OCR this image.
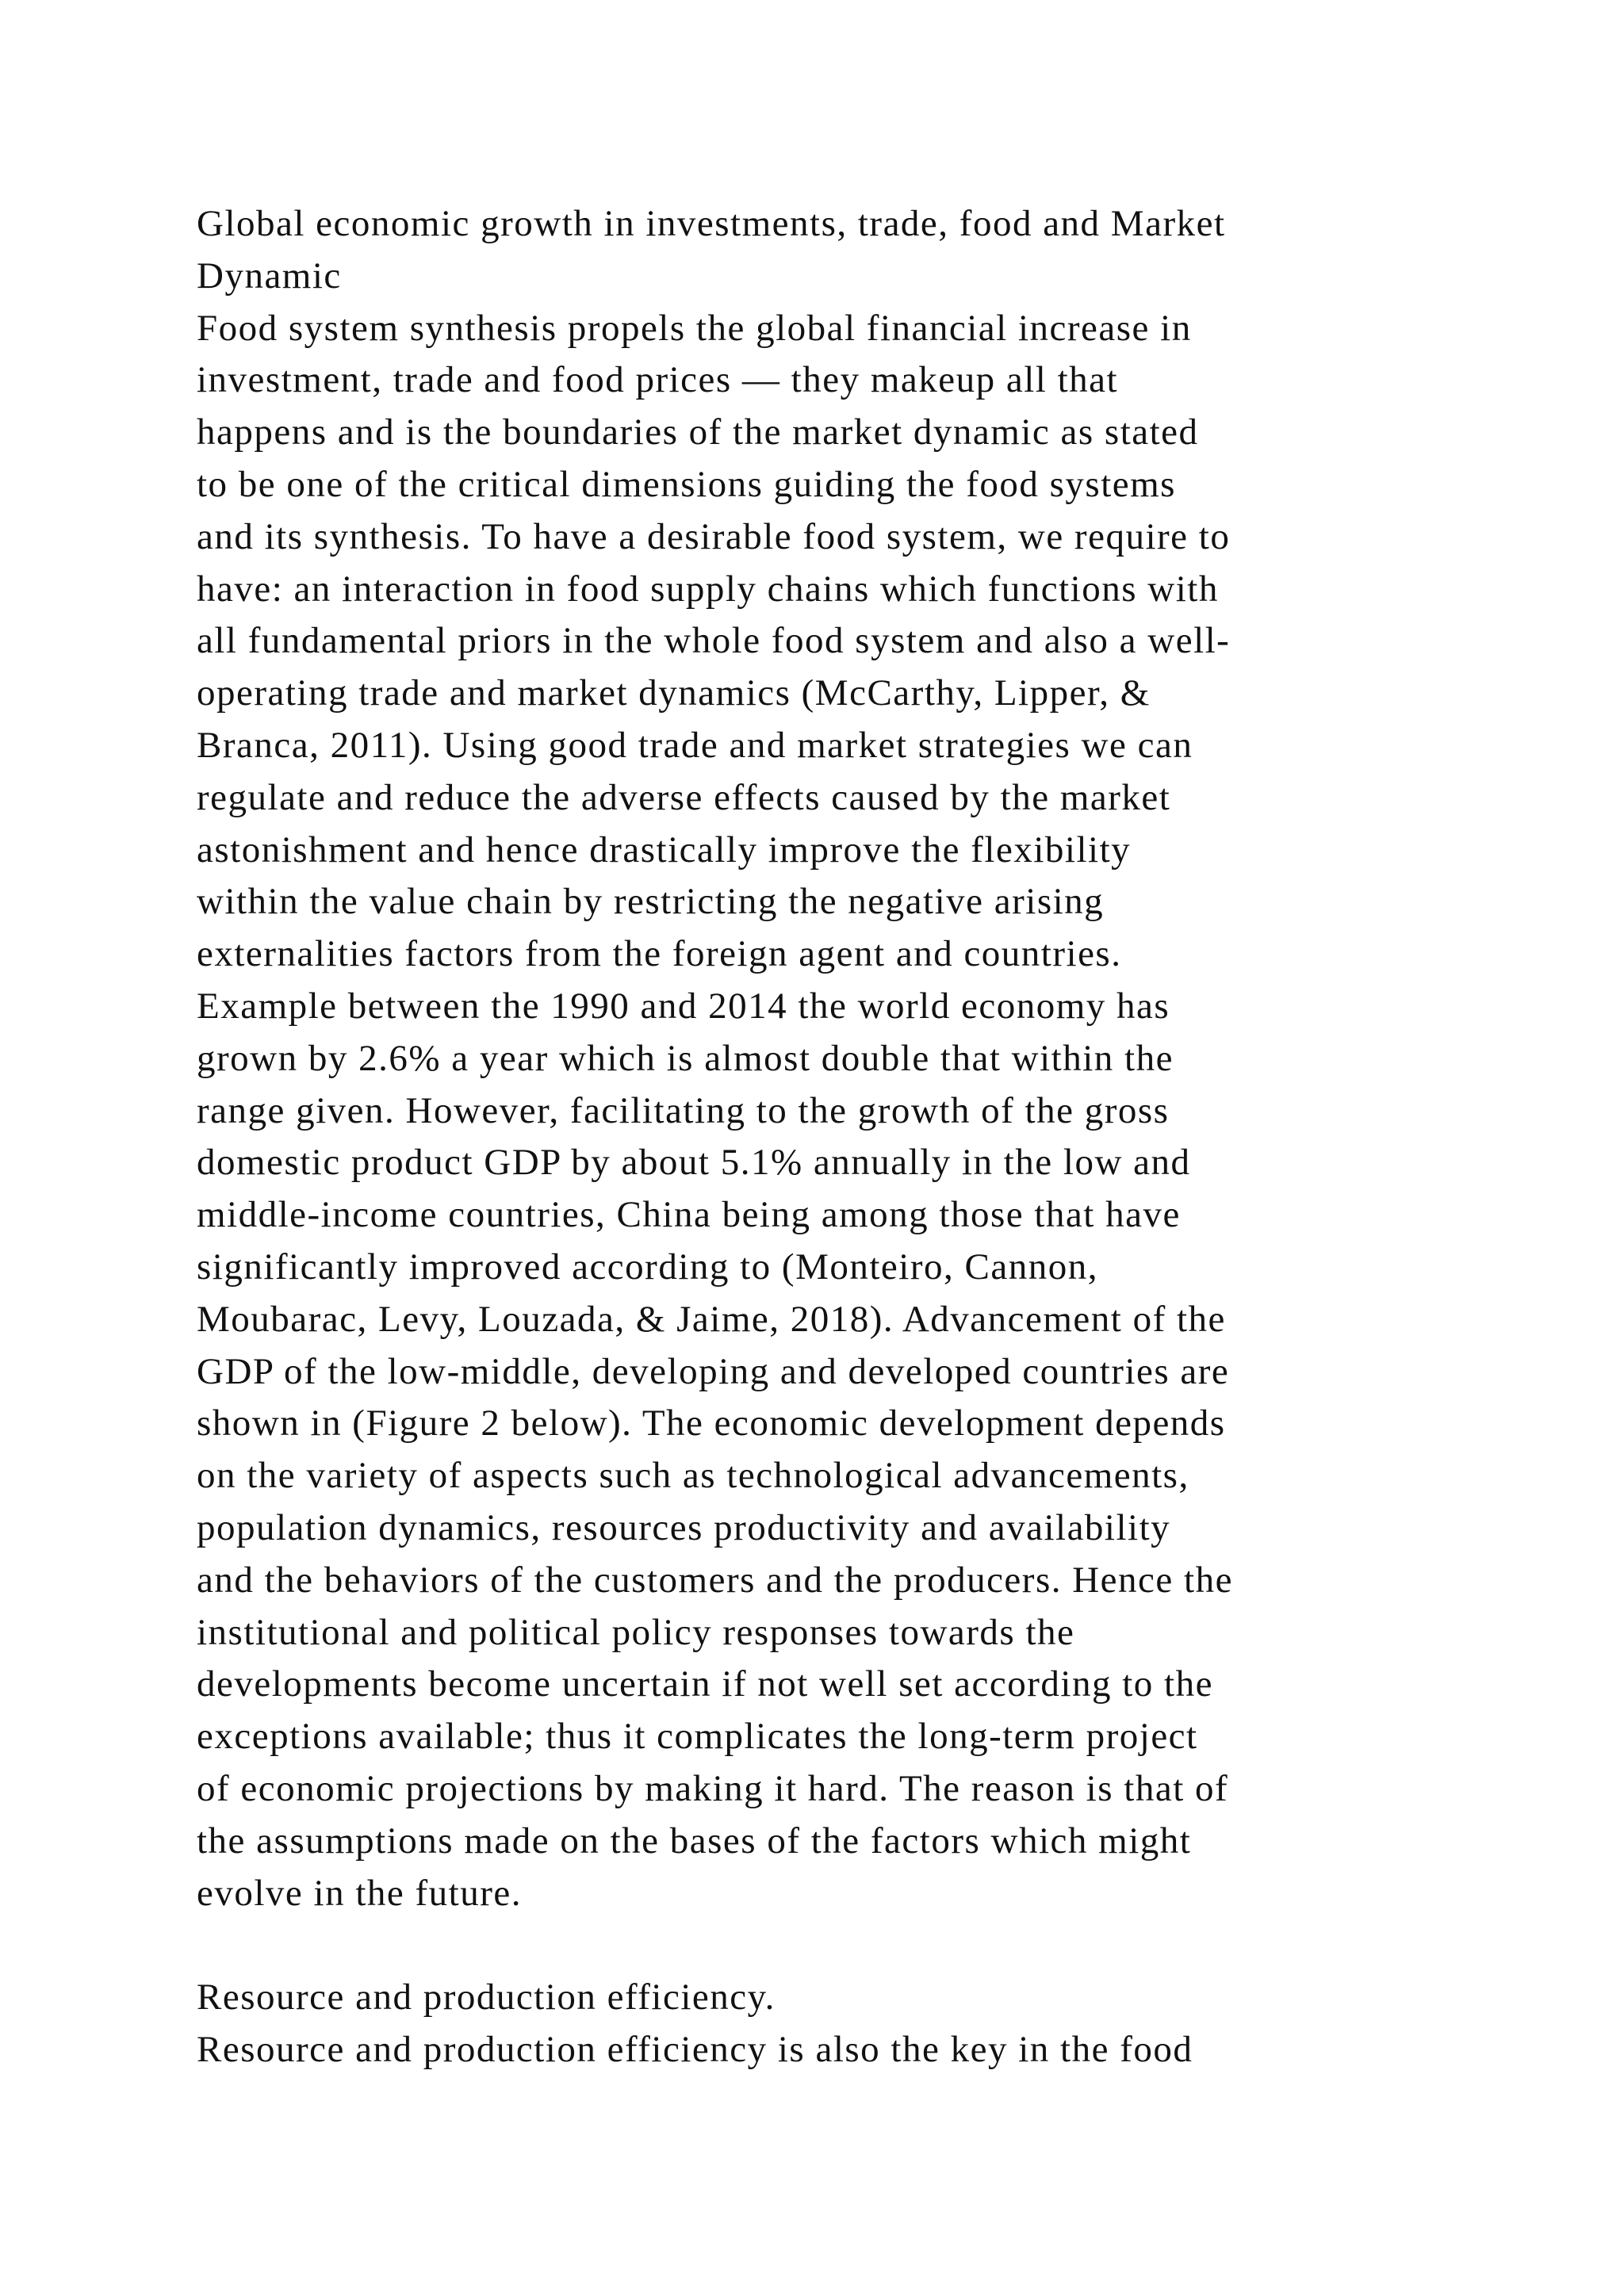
Global economic growth in investments, trade, food and Market
Dynamic
Food system synthesis propels the global financial increase in
investment, trade and food prices — they makeup all that
happens and is the boundaries of the market dynamic as stated
to be one of the critical dimensions guiding the food systems
and its synthesis. To have a desirable food system, we require to
have: an interaction in food supply chains which functions with
all fundamental priors in the whole food system and also a well-
operating trade and market dynamics (McCarthy, Lipper, &
Branca, 2011). Using good trade and market strategies we can
regulate and reduce the adverse effects caused by the market
astonishment and hence drastically improve the flexibility
within the value chain by restricting the negative arising
externalities factors from the foreign agent and countries.
Example between the 1990 and 2014 the world economy has
grown by 2.6% a year which is almost double that within the
range given. However, facilitating to the growth of the gross
domestic product GDP by about 5.1% annually in the low and
middle-income countries, China being among those that have
significantly improved according to (Monteiro, Cannon,
Moubarac, Levy, Louzada, & Jaime, 2018). Advancement of the
GDP of the low-middle, developing and developed countries are
shown in (Figure 2 below). The economic development depends
on the variety of aspects such as technological advancements,
population dynamics, resources productivity and availability
and the behaviors of the customers and the producers. Hence the
institutional and political policy responses towards the
developments become uncertain if not well set according to the
exceptions available; thus it complicates the long-term project
of economic projections by making it hard. The reason is that of
the assumptions made on the bases of the factors which might
evolve in the future.
Resource and production efficiency.
Resource and production efficiency is also the key in the food
